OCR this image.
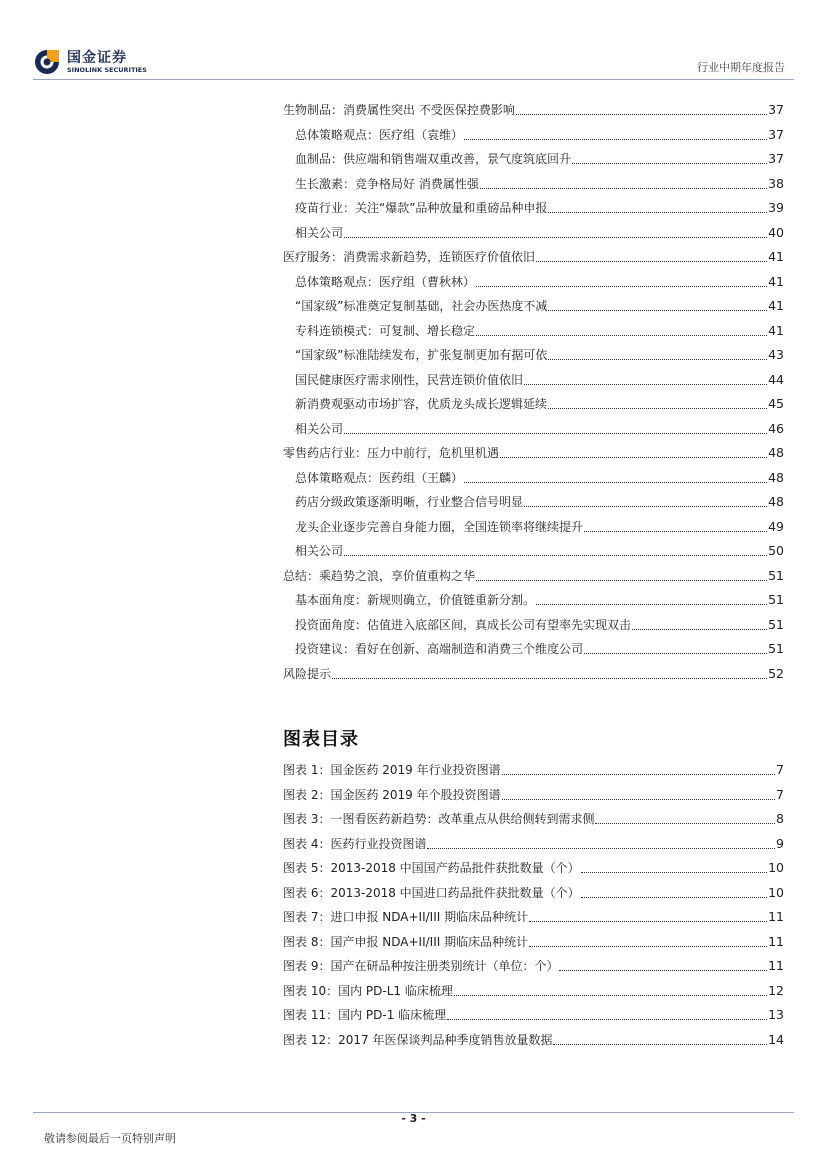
国金证券
SINOLINK SECURITIES	行业中期年度报告
生物制品：消费属性突出 不受医保控费影响	37
总体策略观点：医疗组（袁维）	37
血制品：供应端和销售端双重改善，景气度筑底回升	37
生长激素：竞争格局好 消费属性强	38
疫苗行业：关注“爆款”品种放量和重磅品种申报	39
相关公司	40
医疗服务：消费需求新趋势，连锁医疗价值依旧	41
总体策略观点：医疗组（曹秋林）	41
“国家级”标准奠定复制基础，社会办医热度不减	41
专科连锁模式：可复制、增长稳定	41
“国家级”标准陆续发布，扩张复制更加有据可依	43
国民健康医疗需求刚性，民营连锁价值依旧	44
新消费观驱动市场扩容，优质龙头成长逻辑延续	45
相关公司	46
零售药店行业：压力中前行，危机里机遇	48
总体策略观点：医药组（王麟）	48
药店分级政策逐渐明晰，行业整合信号明显	48
龙头企业逐步完善自身能力圈，全国连锁率将继续提升	49
相关公司	50
总结：乘趋势之浪，享价值重构之华	51
基本面角度：新规则确立，价值链重新分割。	51
投资面角度：估值进入底部区间，真成长公司有望率先实现双击	51
投资建议：看好在创新、高端制造和消费三个维度公司	51
风险提示	52
图表 1：国金医药 2019 年行业投资图谱	7
图表 2：国金医药 2019 年个股投资图谱	7
图表 3：一图看医药新趋势：改革重点从供给侧转到需求侧	8
图表 4：医药行业投资图谱	9
图表 5：2013-2018 中国国产药品批件获批数量（个）	10
图表 6：2013-2018 中国进口药品批件获批数量（个）	10
图表 7：进口申报 NDA+II/III 期临床品种统计	11
图表 8：国产申报 NDA+II/III 期临床品种统计	11
图表 9：国产在研品种按注册类别统计（单位：个）	11
图表 10：国内 PD-L1 临床梳理	12
图表 11：国内 PD-1 临床梳理	13
图表 12：2017 年医保谈判品种季度销售放量数据	14
图表目录
- 3 -
敬请参阅最后一页特别声明
